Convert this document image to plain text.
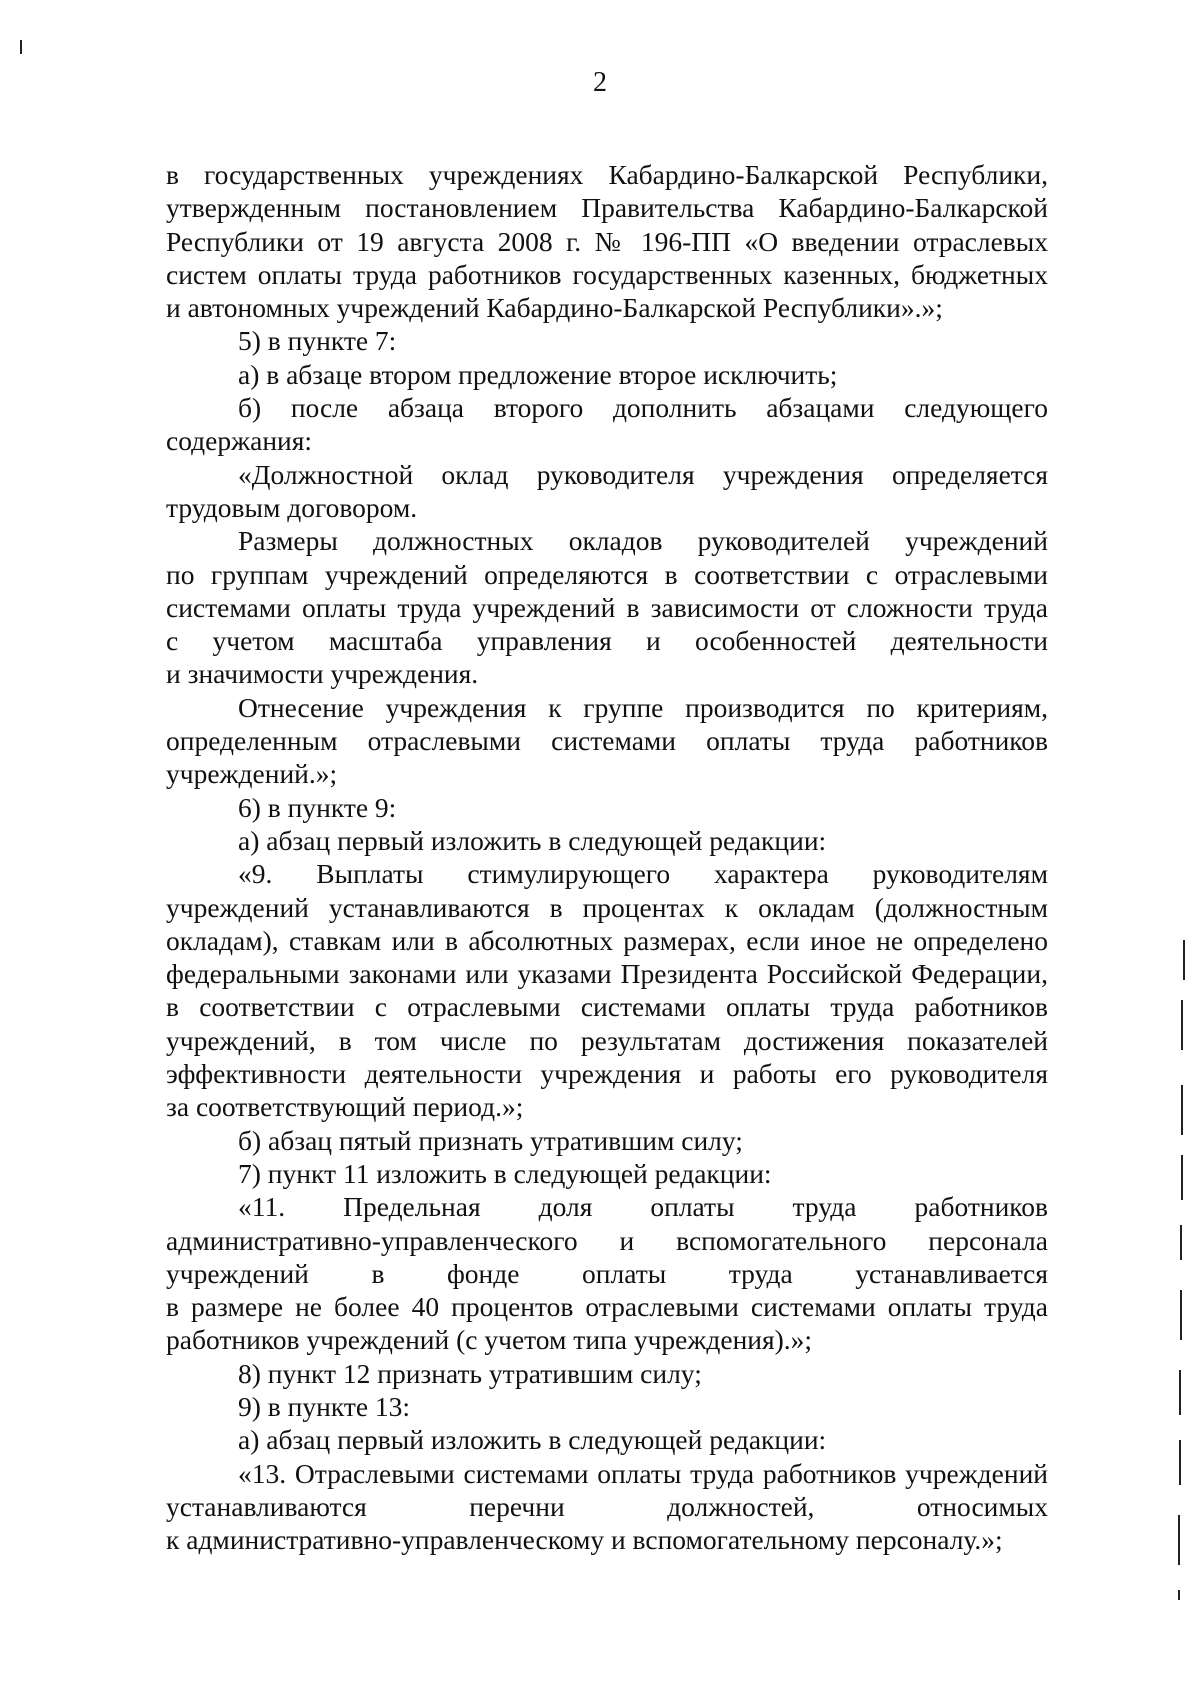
2
в государственных учреждениях Кабардино-Балкарской Республики,
утвержденным постановлением Правительства Кабардино-Балкарской
Республики от 19 августа 2008 г. № 196-ПП «О введении отраслевых
систем оплаты труда работников государственных казенных, бюджетных
и автономных учреждений Кабардино-Балкарской Республики».»;
5) в пункте 7:
а) в абзаце втором предложение второе исключить;
б) после абзаца второго дополнить абзацами следующего
содержания:
«Должностной оклад руководителя учреждения определяется
трудовым договором.
Размеры должностных окладов руководителей учреждений
по группам учреждений определяются в соответствии с отраслевыми
системами оплаты труда учреждений в зависимости от сложности труда
с учетом масштаба управления и особенностей деятельности
и значимости учреждения.
Отнесение учреждения к группе производится по критериям,
определенным отраслевыми системами оплаты труда работников
учреждений.»;
6) в пункте 9:
а) абзац первый изложить в следующей редакции:
«9. Выплаты стимулирующего характера руководителям
учреждений устанавливаются в процентах к окладам (должностным
окладам), ставкам или в абсолютных размерах, если иное не определено
федеральными законами или указами Президента Российской Федерации,
в соответствии с отраслевыми системами оплаты труда работников
учреждений, в том числе по результатам достижения показателей
эффективности деятельности учреждения и работы его руководителя
за соответствующий период.»;
б) абзац пятый признать утратившим силу;
7) пункт 11 изложить в следующей редакции:
«11. Предельная доля оплаты труда работников
административно-управленческого и вспомогательного персонала
учреждений в фонде оплаты труда устанавливается
в размере не более 40 процентов отраслевыми системами оплаты труда
работников учреждений (с учетом типа учреждения).»;
8) пункт 12 признать утратившим силу;
9) в пункте 13:
а) абзац первый изложить в следующей редакции:
«13. Отраслевыми системами оплаты труда работников учреждений
устанавливаются перечни должностей, относимых
к административно-управленческому и вспомогательному персоналу.»;
